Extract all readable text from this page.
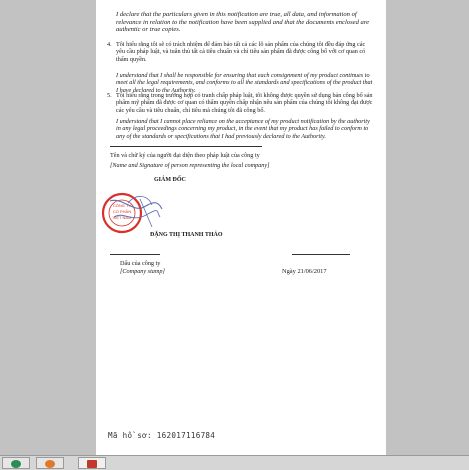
I declare that the particulars given in this notification are true, all data, and information of relevance in relation to the notification have been supplied and that the documents enclosed are authentic or true copies.
4. Tôi hiểu rằng tôi sẽ có trách nhiệm để đảm bảo tất cả các lô sản phẩm của chúng tôi đều đáp ứng các yêu cầu pháp luật, và tuân thủ tất cả tiêu chuẩn và chỉ tiêu sản phẩm đã được công bố với cơ quan có thẩm quyền.
I understand that I shall be responsible for ensuring that each consignment of my product continues to meet all the legal requirements, and conforms to all the standards and specifications of the product that I have declared to the Authority.
5. Tôi hiểu rằng trong trường hợp có tranh chấp pháp luật, tôi không được quyền sử dụng bản công bố sản phẩm mỹ phẩm đã được cơ quan có thẩm quyền chấp nhận nêu sản phẩm của chúng tôi không đạt được các yêu cầu và tiêu chuẩn, chỉ tiêu mà chúng tôi đã công bố.
I understand that I cannot place reliance on the acceptance of my product notification by the authority in any legal proceedings concerning my product, in the event that my product has failed to conform to any of the standards or specifications that I had previously declared to the Authority.
Tên và chữ ký của người đại diện theo pháp luật của công ty
[Name and Signature of person representing the local company]
GIÁM ĐỐC
CÔNG TY
CỔ PHẦN
VIỆT NAM
ĐẶNG THỊ THANH THẢO
Dấu của công ty
[Company stamp]	Ngày 21/06/2017
Mã hồ sơ: 162017116784
